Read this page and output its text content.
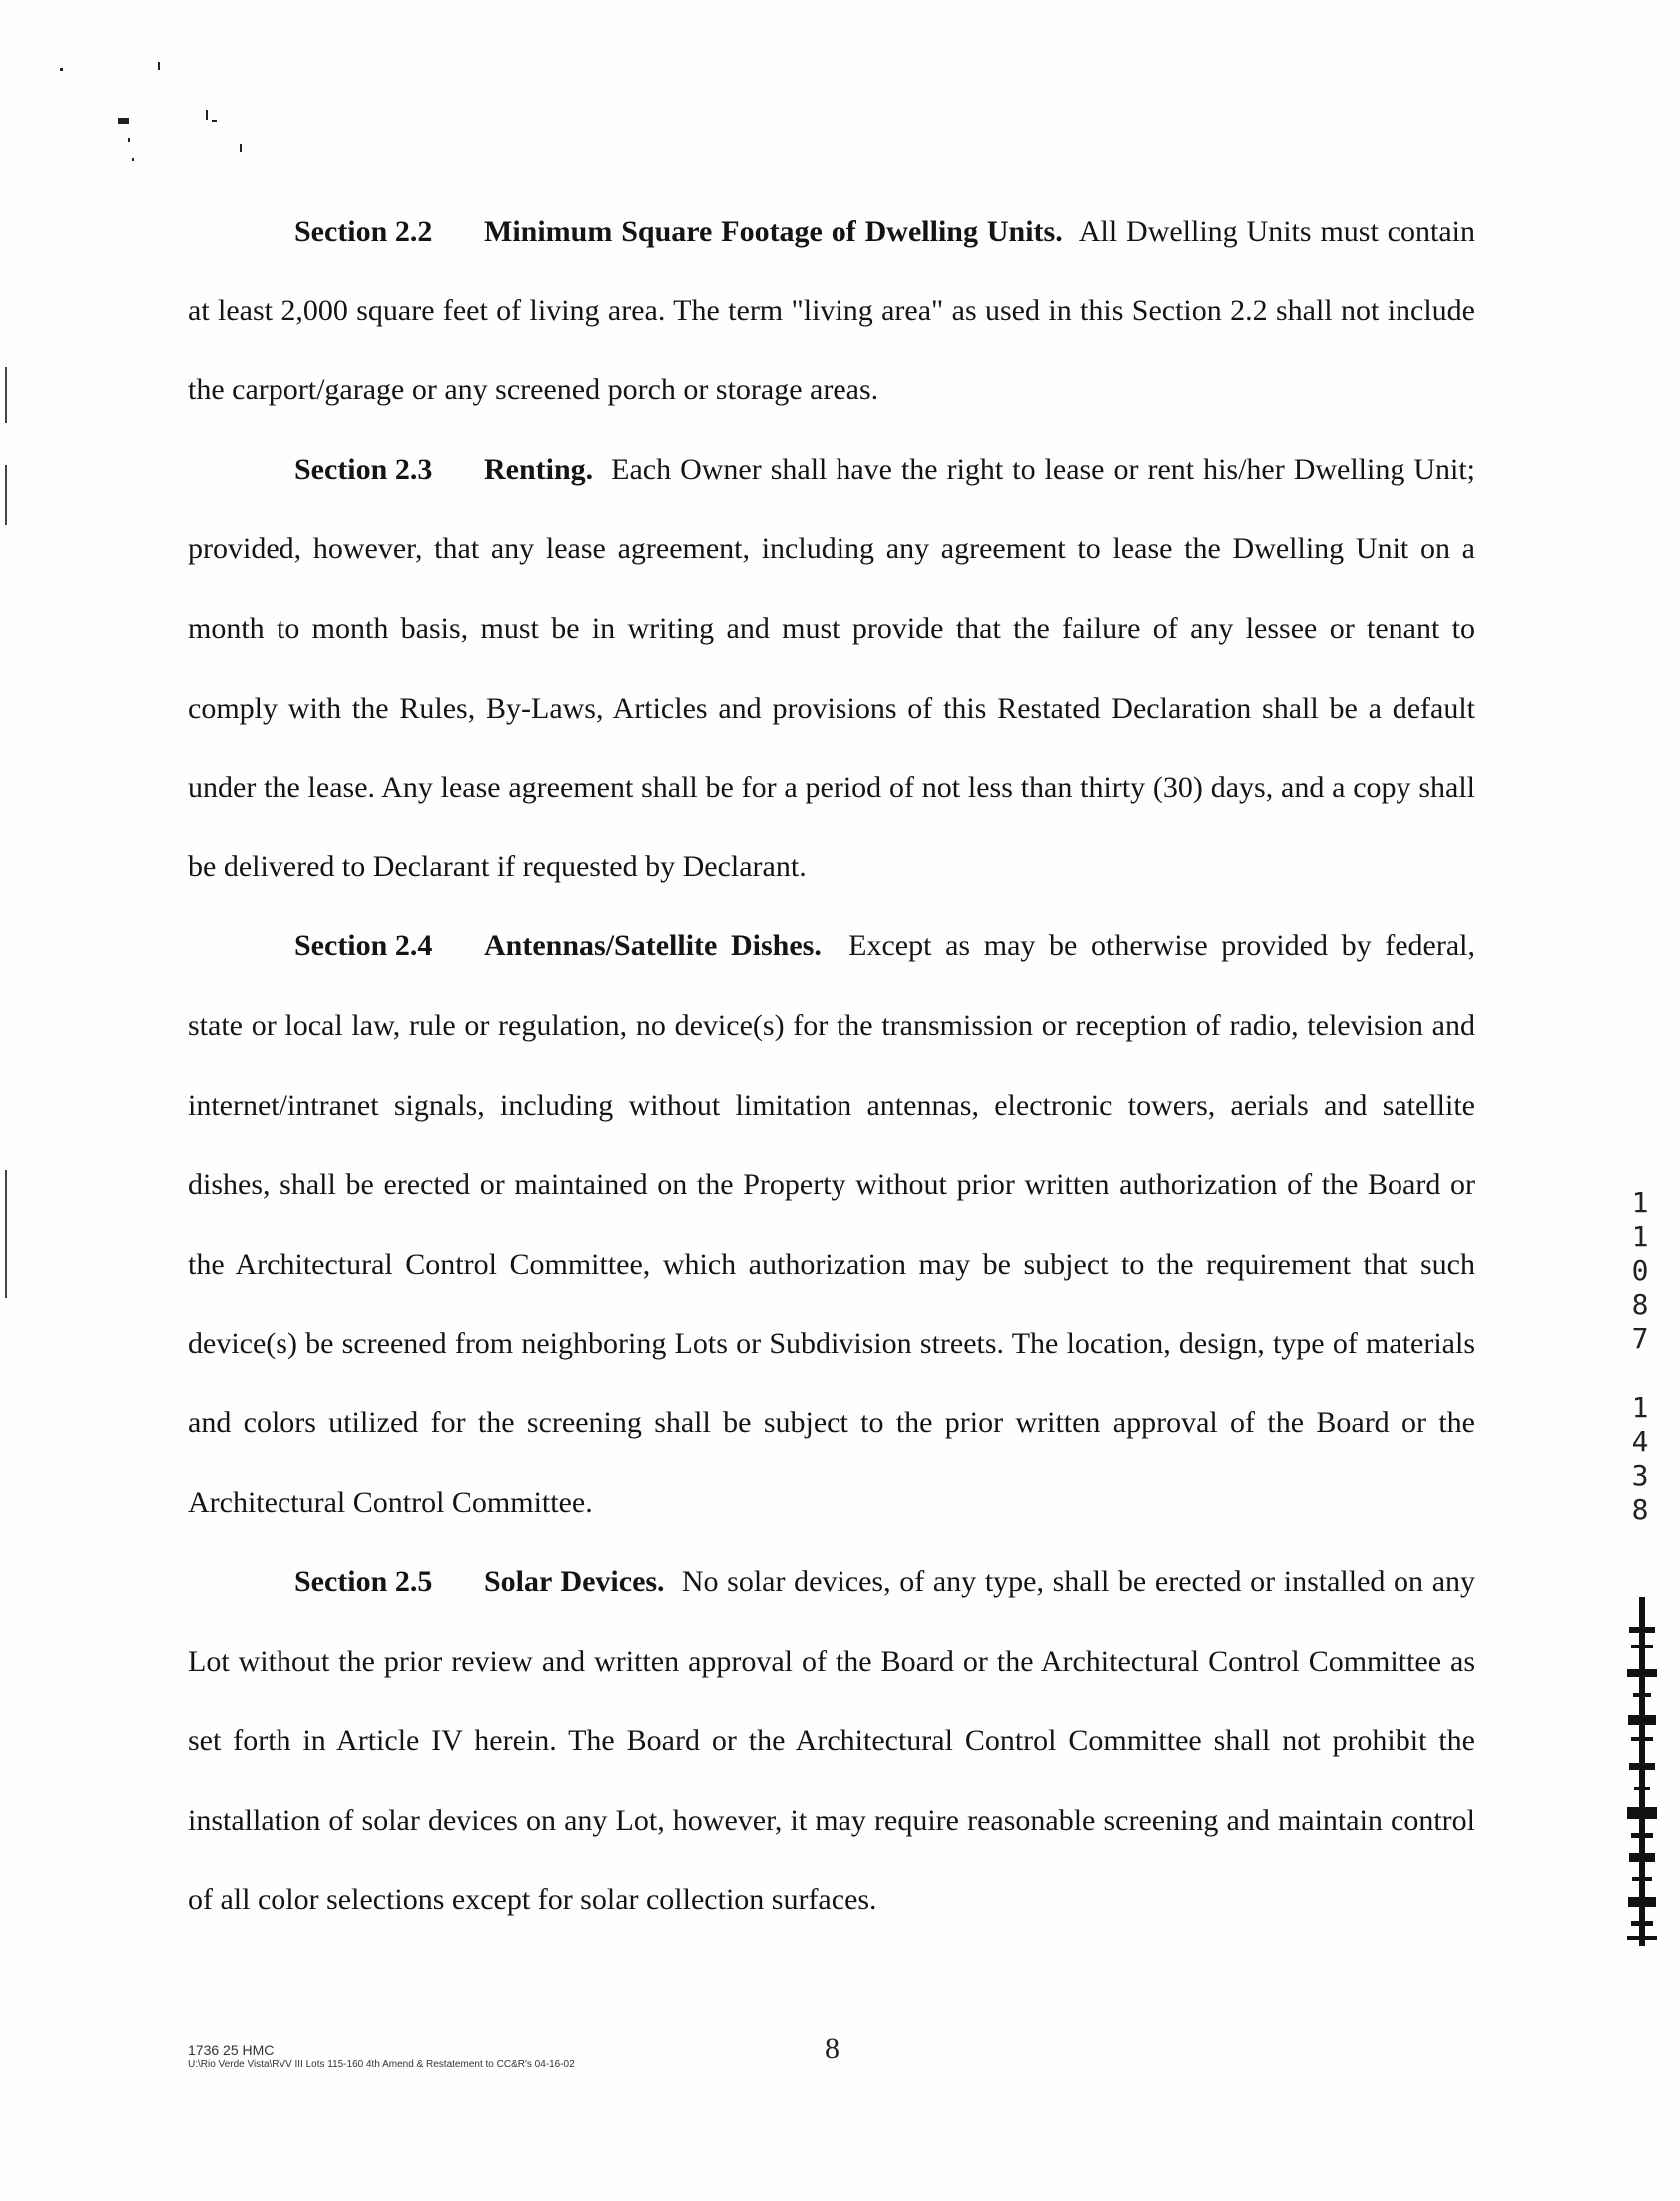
Section 2.2 Minimum Square Footage of Dwelling Units. All Dwelling Units must contain at least 2,000 square feet of living area. The term "living area" as used in this Section 2.2 shall not include the carport/garage or any screened porch or storage areas.

Section 2.3 Renting. Each Owner shall have the right to lease or rent his/her Dwelling Unit; provided, however, that any lease agreement, including any agreement to lease the Dwelling Unit on a month to month basis, must be in writing and must provide that the failure of any lessee or tenant to comply with the Rules, By-Laws, Articles and provisions of this Restated Declaration shall be a default under the lease. Any lease agreement shall be for a period of not less than thirty (30) days, and a copy shall be delivered to Declarant if requested by Declarant.

Section 2.4 Antennas/Satellite Dishes. Except as may be otherwise provided by federal, state or local law, rule or regulation, no device(s) for the transmission or reception of radio, television and internet/intranet signals, including without limitation antennas, electronic towers, aerials and satellite dishes, shall be erected or maintained on the Property without prior written authorization of the Board or the Architectural Control Committee, which authorization may be subject to the requirement that such device(s) be screened from neighboring Lots or Subdivision streets. The location, design, type of materials and colors utilized for the screening shall be subject to the prior written approval of the Board or the Architectural Control Committee.

Section 2.5 Solar Devices. No solar devices, of any type, shall be erected or installed on any Lot without the prior review and written approval of the Board or the Architectural Control Committee as set forth in Article IV herein. The Board or the Architectural Control Committee shall not prohibit the installation of solar devices on any Lot, however, it may require reasonable screening and maintain control of all color selections except for solar collection surfaces.

1
1
0
8
7
1
4
3
8
1736 25 HMC
U:\Rio Verde Vista\RVV III Lots 115-160 4th Amend & Restatement to CC&R's 04-16-02	8
